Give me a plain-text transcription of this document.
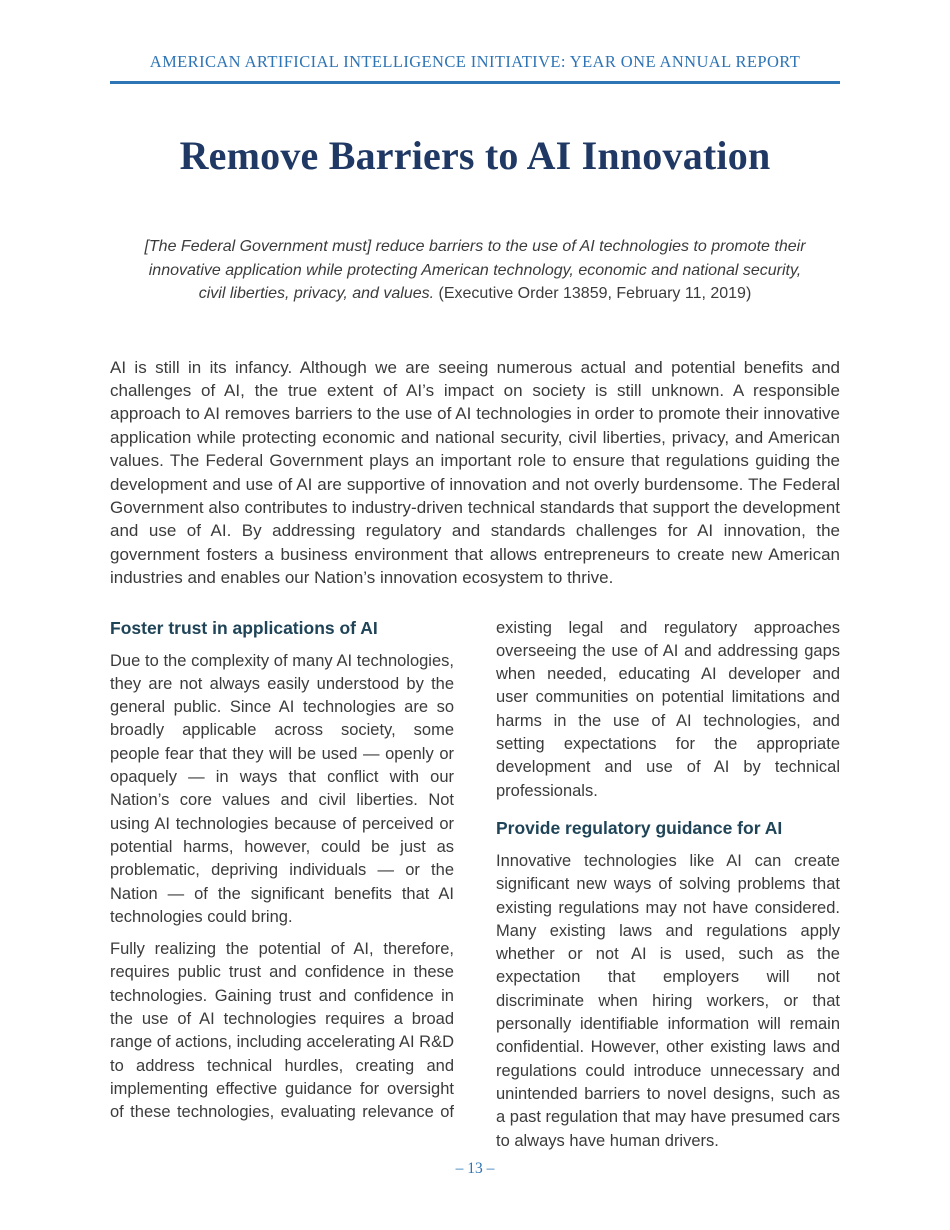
AMERICAN ARTIFICIAL INTELLIGENCE INITIATIVE: YEAR ONE ANNUAL REPORT
Remove Barriers to AI Innovation
[The Federal Government must] reduce barriers to the use of AI technologies to promote their innovative application while protecting American technology, economic and national security, civil liberties, privacy, and values. (Executive Order 13859, February 11, 2019)

AI is still in its infancy. Although we are seeing numerous actual and potential benefits and challenges of AI, the true extent of AI’s impact on society is still unknown. A responsible approach to AI removes barriers to the use of AI technologies in order to promote their innovative application while protecting economic and national security, civil liberties, privacy, and American values. The Federal Government plays an important role to ensure that regulations guiding the development and use of AI are supportive of innovation and not overly burdensome. The Federal Government also contributes to industry-driven technical standards that support the development and use of AI. By addressing regulatory and standards challenges for AI innovation, the government fosters a business environment that allows entrepreneurs to create new American industries and enables our Nation’s innovation ecosystem to thrive.

Foster trust in applications of AI

Due to the complexity of many AI technologies, they are not always easily understood by the general public. Since AI technologies are so broadly applicable across society, some people fear that they will be used — openly or opaquely — in ways that conflict with our Nation’s core values and civil liberties. Not using AI technologies because of perceived or potential harms, however, could be just as problematic, depriving individuals — or the Nation — of the significant benefits that AI technologies could bring.

Fully realizing the potential of AI, therefore, requires public trust and confidence in these technologies. Gaining trust and confidence in the use of AI technologies requires a broad range of actions, including accelerating AI R&D to address technical hurdles, creating and implementing effective guidance for oversight of these technologies, evaluating relevance of

existing legal and regulatory approaches overseeing the use of AI and addressing gaps when needed, educating AI developer and user communities on potential limitations and harms in the use of AI technologies, and setting expectations for the appropriate development and use of AI by technical professionals.

Provide regulatory guidance for AI

Innovative technologies like AI can create significant new ways of solving problems that existing regulations may not have considered. Many existing laws and regulations apply whether or not AI is used, such as the expectation that employers will not discriminate when hiring workers, or that personally identifiable information will remain confidential. However, other existing laws and regulations could introduce unnecessary and unintended barriers to novel designs, such as a past regulation that may have presumed cars to always have human drivers.

– 13 –
